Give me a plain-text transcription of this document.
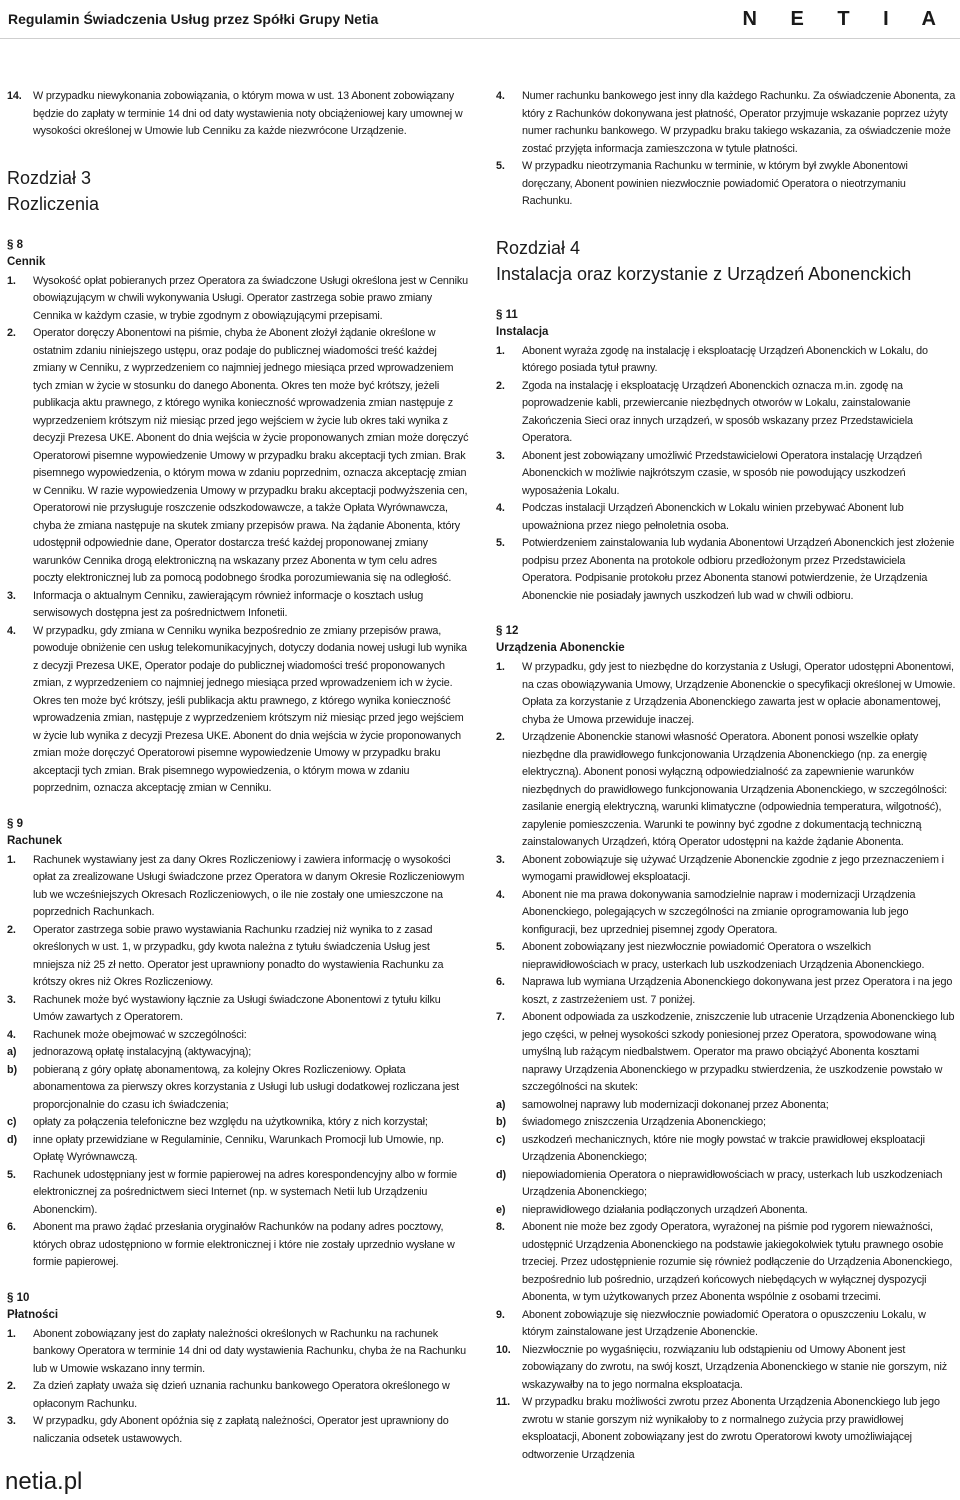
Regulamin Świadczenia Usług przez Spółki Grupy Netia	N E T I A
14.	W przypadku niewykonania zobowiązania, o którym mowa w ust. 13 Abonent zobowiązany będzie do zapłaty w terminie 14 dni od daty wystawienia noty obciążeniowej kary umownej w wysokości określonej w Umowie lub Cenniku za każde niezwrócone Urządzenie.
Rozdział 3
Rozliczenia
§ 8
Cennik
1.	Wysokość opłat pobieranych przez Operatora za świadczone Usługi określona jest w Cenniku obowiązującym w chwili wykonywania Usługi. Operator zastrzega sobie prawo zmiany Cennika w każdym czasie, w trybie zgodnym z obowiązującymi przepisami.
2.	Operator doręczy Abonentowi na piśmie, chyba że Abonent złożył żądanie określone w ostatnim zdaniu niniejszego ustępu, oraz podaje do publicznej wiadomości treść każdej zmiany w Cenniku, z wyprzedzeniem co najmniej jednego miesiąca przed wprowadzeniem tych zmian w życie w stosunku do danego Abonenta. Okres ten może być krótszy, jeżeli publikacja aktu prawnego, z którego wynika konieczność wprowadzenia zmian następuje z wyprzedzeniem krótszym niż miesiąc przed jego wejściem w życie lub okres taki wynika z decyzji Prezesa UKE. Abonent do dnia wejścia w życie proponowanych zmian może doręczyć Operatorowi pisemne wypowiedzenie Umowy w przypadku braku akceptacji tych zmian. Brak pisemnego wypowiedzenia, o którym mowa w zdaniu poprzednim, oznacza akceptację zmian w Cenniku. W razie wypowiedzenia Umowy w przypadku braku akceptacji podwyższenia cen, Operatorowi nie przysługuje roszczenie odszkodowawcze, a także Opłata Wyrównawcza, chyba że zmiana następuje na skutek zmiany przepisów prawa. Na żądanie Abonenta, który udostępnił odpowiednie dane, Operator dostarcza treść każdej proponowanej zmiany warunków Cennika drogą elektroniczną na wskazany przez Abonenta w tym celu adres poczty elektronicznej lub za pomocą podobnego środka porozumiewania się na odległość.
3.	Informacja o aktualnym Cenniku, zawierającym również informacje o kosztach usług serwisowych dostępna jest za pośrednictwem Infonetii.
4.	W przypadku, gdy zmiana w Cenniku wynika bezpośrednio ze zmiany przepisów prawa, powoduje obniżenie cen usług telekomunikacyjnych, dotyczy dodania nowej usługi lub wynika z decyzji Prezesa UKE, Operator podaje do publicznej wiadomości treść proponowanych zmian, z wyprzedzeniem co najmniej jednego miesiąca przed wprowadzeniem ich w życie. Okres ten może być krótszy, jeśli publikacja aktu prawnego, z którego wynika konieczność wprowadzenia zmian, następuje z wyprzedzeniem krótszym niż miesiąc przed jego wejściem w życie lub wynika z decyzji Prezesa UKE. Abonent do dnia wejścia w życie proponowanych zmian może doręczyć Operatorowi pisemne wypowiedzenie Umowy w przypadku braku akceptacji tych zmian. Brak pisemnego wypowiedzenia, o którym mowa w zdaniu poprzednim, oznacza akceptację zmian w Cenniku.
§ 9
Rachunek
1.	Rachunek wystawiany jest za dany Okres Rozliczeniowy i zawiera informację o wysokości opłat za zrealizowane Usługi świadczone przez Operatora w danym Okresie Rozliczeniowym lub we wcześniejszych Okresach Rozliczeniowych, o ile nie zostały one umieszczone na poprzednich Rachunkach.
2.	Operator zastrzega sobie prawo wystawiania Rachunku rzadziej niż wynika to z zasad określonych w ust. 1, w przypadku, gdy kwota należna z tytułu świadczenia Usług jest mniejsza niż 25 zł netto. Operator jest uprawniony ponadto do wystawienia Rachunku za krótszy okres niż Okres Rozliczeniowy.
3.	Rachunek może być wystawiony łącznie za Usługi świadczone Abonentowi z tytułu kilku Umów zawartych z Operatorem.
4.	Rachunek może obejmować w szczególności:
a)	jednorazową opłatę instalacyjną (aktywacyjną);
b)	pobieraną z góry opłatę abonamentową, za kolejny Okres Rozliczeniowy. Opłata abonamentowa za pierwszy okres korzystania z Usługi lub usługi dodatkowej rozliczana jest proporcjonalnie do czasu ich świadczenia;
c)	opłaty za połączenia telefoniczne bez względu na użytkownika, który z nich korzystał;
d)	inne opłaty przewidziane w Regulaminie, Cenniku, Warunkach Promocji lub Umowie, np. Opłatę Wyrównawczą.
5.	Rachunek udostępniany jest w formie papierowej na adres korespondencyjny albo w formie elektronicznej za pośrednictwem sieci Internet (np. w systemach Netii lub Urządzeniu Abonenckim).
6.	Abonent ma prawo żądać przesłania oryginałów Rachunków na podany adres pocztowy, których obraz udostępniono w formie elektronicznej i które nie zostały uprzednio wysłane w formie papierowej.
§ 10
Płatności
1.	Abonent zobowiązany jest do zapłaty należności określonych w Rachunku na rachunek bankowy Operatora w terminie 14 dni od daty wystawienia Rachunku, chyba że na Rachunku lub w Umowie wskazano inny termin.
2.	Za dzień zapłaty uważa się dzień uznania rachunku bankowego Operatora określonego w opłaconym Rachunku.
3.	W przypadku, gdy Abonent opóźnia się z zapłatą należności, Operator jest uprawniony do naliczania odsetek ustawowych.
4.	Numer rachunku bankowego jest inny dla każdego Rachunku. Za oświadczenie Abonenta, za który z Rachunków dokonywana jest płatność, Operator przyjmuje wskazanie poprzez użyty numer rachunku bankowego. W przypadku braku takiego wskazania, za oświadczenie może zostać przyjęta informacja zamieszczona w tytule płatności.
5.	W przypadku nieotrzymania Rachunku w terminie, w którym był zwykle Abonentowi doręczany, Abonent powinien niezwłocznie powiadomić Operatora o nieotrzymaniu Rachunku.
Rozdział 4
Instalacja oraz korzystanie z Urządzeń Abonenckich
§ 11
Instalacja
1.	Abonent wyraża zgodę na instalację i eksploatację Urządzeń Abonenckich w Lokalu, do którego posiada tytuł prawny.
2.	Zgoda na instalację i eksploatację Urządzeń Abonenckich oznacza m.in. zgodę na poprowadzenie kabli, przewiercanie niezbędnych otworów w Lokalu, zainstalowanie Zakończenia Sieci oraz innych urządzeń, w sposób wskazany przez Przedstawiciela Operatora.
3.	Abonent jest zobowiązany umożliwić Przedstawicielowi Operatora instalację Urządzeń Abonenckich w możliwie najkrótszym czasie, w sposób nie powodujący uszkodzeń wyposażenia Lokalu.
4.	Podczas instalacji Urządzeń Abonenckich w Lokalu winien przebywać Abonent lub upoważniona przez niego pełnoletnia osoba.
5.	Potwierdzeniem zainstalowania lub wydania Abonentowi Urządzeń Abonenckich jest złożenie podpisu przez Abonenta na protokole odbioru przedłożonym przez Przedstawiciela Operatora. Podpisanie protokołu przez Abonenta stanowi potwierdzenie, że Urządzenia Abonenckie nie posiadały jawnych uszkodzeń lub wad w chwili odbioru.
§ 12
Urządzenia Abonenckie
1.	W przypadku, gdy jest to niezbędne do korzystania z Usługi, Operator udostępni Abonentowi, na czas obowiązywania Umowy, Urządzenie Abonenckie o specyfikacji określonej w Umowie. Opłata za korzystanie z Urządzenia Abonenckiego zawarta jest w opłacie abonamentowej, chyba że Umowa przewiduje inaczej.
2.	Urządzenie Abonenckie stanowi własność Operatora. Abonent ponosi wszelkie opłaty niezbędne dla prawidłowego funkcjonowania Urządzenia Abonenckiego (np. za energię elektryczną). Abonent ponosi wyłączną odpowiedzialność za zapewnienie warunków niezbędnych do prawidłowego funkcjonowania Urządzenia Abonenckiego, w szczególności: zasilanie energią elektryczną, warunki klimatyczne (odpowiednia temperatura, wilgotność), zapylenie pomieszczenia. Warunki te powinny być zgodne z dokumentacją techniczną zainstalowanych Urządzeń, którą Operator udostępni na każde żądanie Abonenta.
3.	Abonent zobowiązuje się używać Urządzenie Abonenckie zgodnie z jego przeznaczeniem i wymogami prawidłowej eksploatacji.
4.	Abonent nie ma prawa dokonywania samodzielnie napraw i modernizacji Urządzenia Abonenckiego, polegających w szczególności na zmianie oprogramowania lub jego konfiguracji, bez uprzedniej pisemnej zgody Operatora.
5.	Abonent zobowiązany jest niezwłocznie powiadomić Operatora o wszelkich nieprawidłowościach w pracy, usterkach lub uszkodzeniach Urządzenia Abonenckiego.
6.	Naprawa lub wymiana Urządzenia Abonenckiego dokonywana jest przez Operatora i na jego koszt, z zastrzeżeniem ust. 7 poniżej.
7.	Abonent odpowiada za uszkodzenie, zniszczenie lub utracenie Urządzenia Abonenckiego lub jego części, w pełnej wysokości szkody poniesionej przez Operatora, spowodowane winą umyślną lub rażącym niedbalstwem. Operator ma prawo obciążyć Abonenta kosztami naprawy Urządzenia Abonenckiego w przypadku stwierdzenia, że uszkodzenie powstało w szczególności na skutek:
a)	samowolnej naprawy lub modernizacji dokonanej przez Abonenta;
b)	świadomego zniszczenia Urządzenia Abonenckiego;
c)	uszkodzeń mechanicznych, które nie mogły powstać w trakcie prawidłowej eksploatacji Urządzenia Abonenckiego;
d)	niepowiadomienia Operatora o nieprawidłowościach w pracy, usterkach lub uszkodzeniach Urządzenia Abonenckiego;
e)	nieprawidłowego działania podłączonych urządzeń Abonenta.
8.	Abonent nie może bez zgody Operatora, wyrażonej na piśmie pod rygorem nieważności, udostępnić Urządzenia Abonenckiego na podstawie jakiegokolwiek tytułu prawnego osobie trzeciej. Przez udostępnienie rozumie się również podłączenie do Urządzenia Abonenckiego, bezpośrednio lub pośrednio, urządzeń końcowych niebędących w wyłącznej dyspozycji Abonenta, w tym użytkowanych przez Abonenta wspólnie z osobami trzecimi.
9.	Abonent zobowiązuje się niezwłocznie powiadomić Operatora o opuszczeniu Lokalu, w którym zainstalowane jest Urządzenie Abonenckie.
10.	Niezwłocznie po wygaśnięciu, rozwiązaniu lub odstąpieniu od Umowy Abonent jest zobowiązany do zwrotu, na swój koszt, Urządzenia Abonenckiego w stanie nie gorszym, niż wskazywałby na to jego normalna eksploatacja.
11.	W przypadku braku możliwości zwrotu przez Abonenta Urządzenia Abonenckiego lub jego zwrotu w stanie gorszym niż wynikałoby to z normalnego zużycia przy prawidłowej eksploatacji, Abonent zobowiązany jest do zwrotu Operatorowi kwoty umożliwiającej odtworzenie Urządzenia
netia.pl
